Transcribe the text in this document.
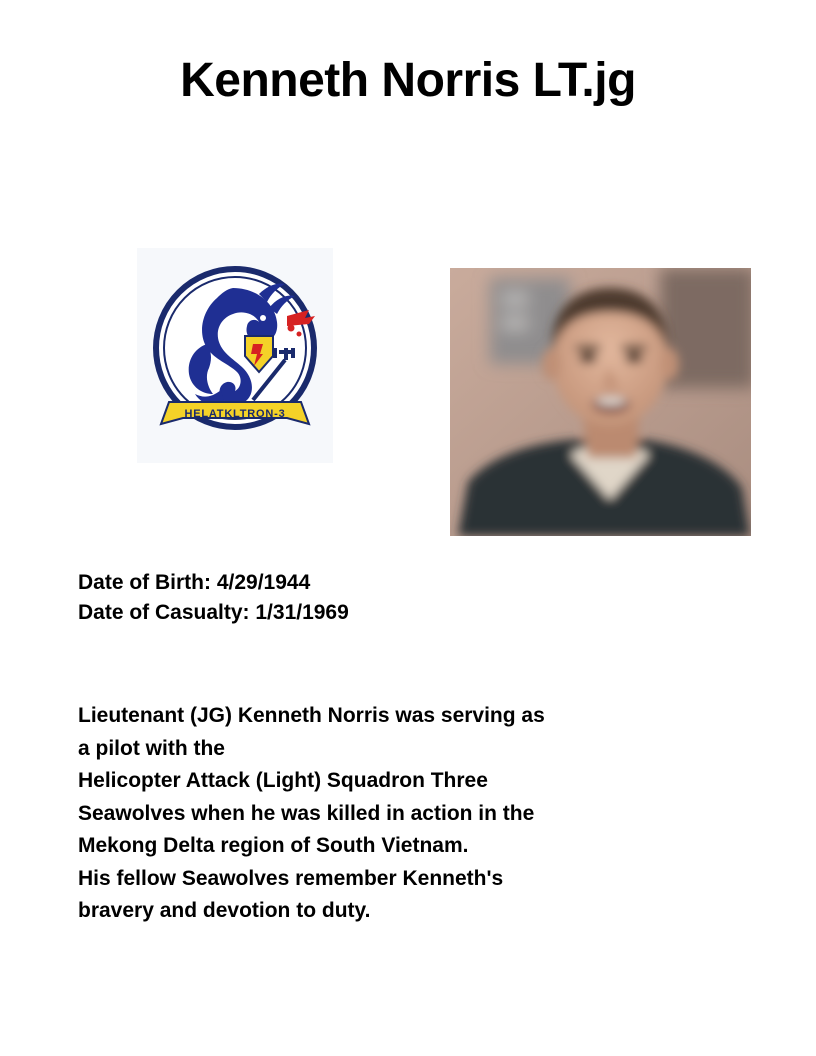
Kenneth Norris LT.jg
HELATKLTRON-3
Date of Birth: 4/29/1944
Date of Casualty: 1/31/1969
Lieutenant (JG) Kenneth Norris was serving as
a pilot with the
Helicopter Attack (Light) Squadron Three
Seawolves when he was killed in action in the
Mekong Delta region of South Vietnam.
His fellow Seawolves remember Kenneth's
bravery and devotion to duty.
